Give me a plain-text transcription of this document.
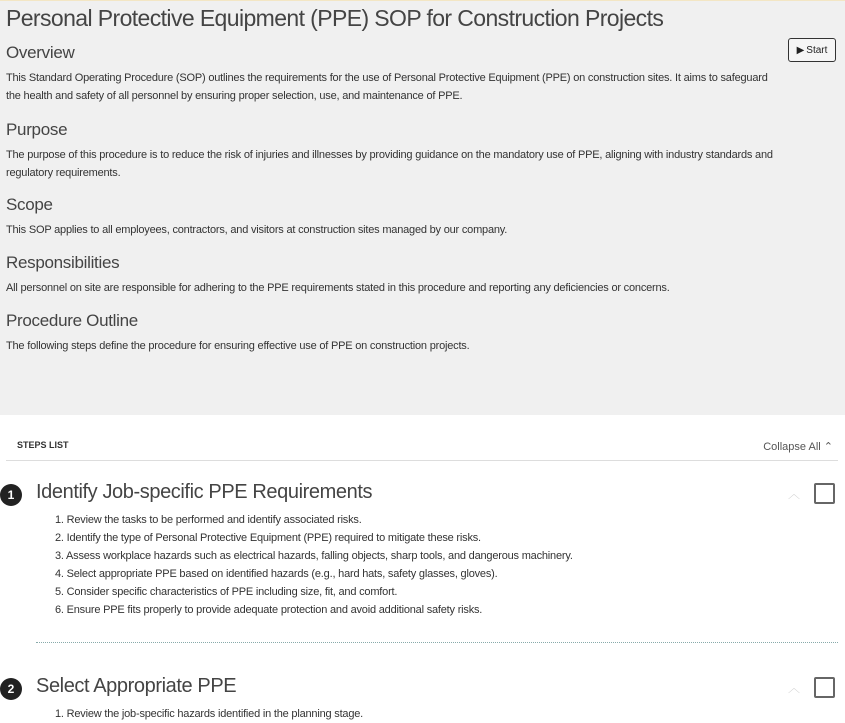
Personal Protective Equipment (PPE) SOP for Construction Projects
▶ Start
Overview

This Standard Operating Procedure (SOP) outlines the requirements for the use of Personal Protective Equipment (PPE) on construction sites. It aims to safeguard the health and safety of all personnel by ensuring proper selection, use, and maintenance of PPE.

Purpose

The purpose of this procedure is to reduce the risk of injuries and illnesses by providing guidance on the mandatory use of PPE, aligning with industry standards and regulatory requirements.

Scope

This SOP applies to all employees, contractors, and visitors at construction sites managed by our company.

Responsibilities

All personnel on site are responsible for adhering to the PPE requirements stated in this procedure and reporting any deficiencies or concerns.

Procedure Outline

The following steps define the procedure for ensuring effective use of PPE on construction projects.

STEPS LIST	Collapse All ⌃
1	Identify Job-specific PPE Requirements	︿
1. Review the tasks to be performed and identify associated risks.
2. Identify the type of Personal Protective Equipment (PPE) required to mitigate these risks.
3. Assess workplace hazards such as electrical hazards, falling objects, sharp tools, and dangerous machinery.
4. Select appropriate PPE based on identified hazards (e.g., hard hats, safety glasses, gloves).
5. Consider specific characteristics of PPE including size, fit, and comfort.
6. Ensure PPE fits properly to provide adequate protection and avoid additional safety risks.
2	Select Appropriate PPE	︿
1. Review the job-specific hazards identified in the planning stage.
